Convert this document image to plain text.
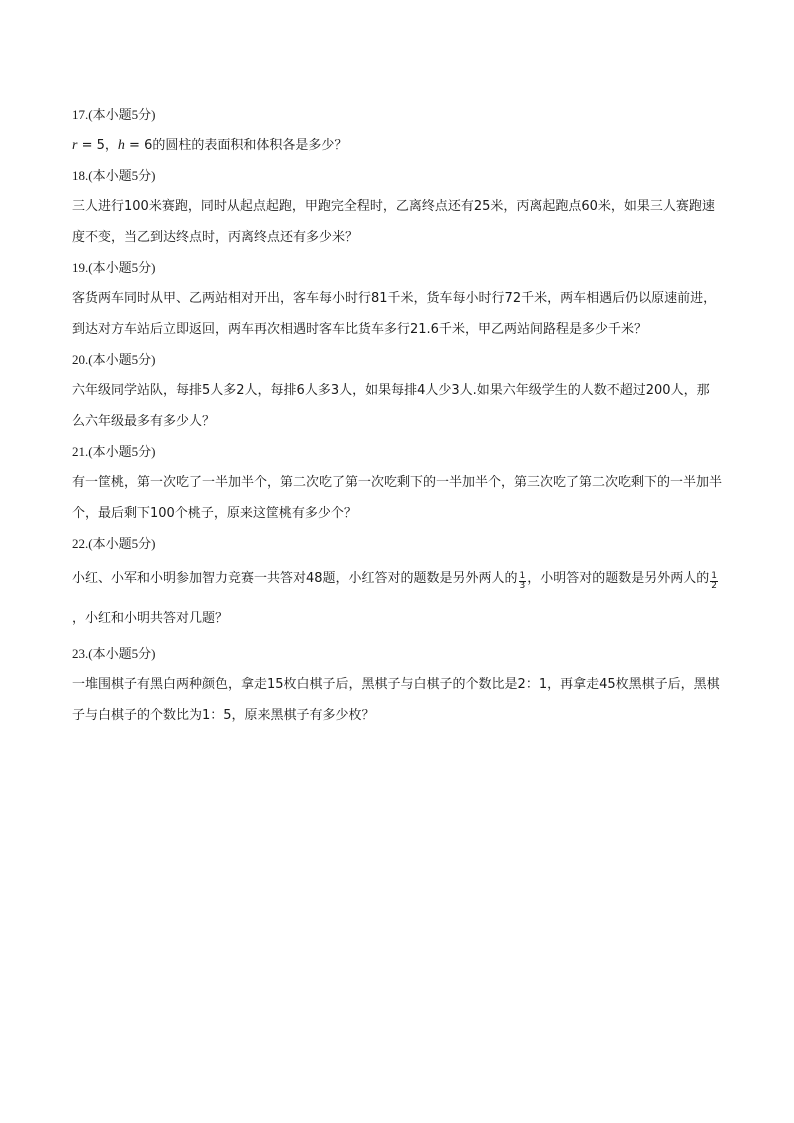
17.(本小题5分)

r = 5，h = 6的圆柱的表面积和体积各是多少？

18.(本小题5分)

三人进行100米赛跑，同时从起点起跑，甲跑完全程时，乙离终点还有25米，丙离起跑点60米，如果三人赛跑速度不变，当乙到达终点时，丙离终点还有多少米？

19.(本小题5分)

客货两车同时从甲、乙两站相对开出，客车每小时行81千米，货车每小时行72千米，两车相遇后仍以原速前进，到达对方车站后立即返回，两车再次相遇时客车比货车多行21.6千米，甲乙两站间路程是多少千米？

20.(本小题5分)

六年级同学站队，每排5人多2人，每排6人多3人，如果每排4人少3人.如果六年级学生的人数不超过200人，那么六年级最多有多少人？

21.(本小题5分)

有一筐桃，第一次吃了一半加半个，第二次吃了第一次吃剩下的一半加半个，第三次吃了第二次吃剩下的一半加半个，最后剩下100个桃子，原来这筐桃有多少个？

22.(本小题5分)

小红、小军和小明参加智力竞赛一共答对48题，小红答对的题数是另外两人的 $\frac{1}{3}$ ，小明答对的题数是另外两人的 $\frac{1}{2}$
，小红和小明共答对几题？

23.(本小题5分)

一堆围棋子有黑白两种颜色，拿走15枚白棋子后，黑棋子与白棋子的个数比是2：1，再拿走45枚黑棋子后，黑棋子与白棋子的个数比为1：5，原来黑棋子有多少枚？
